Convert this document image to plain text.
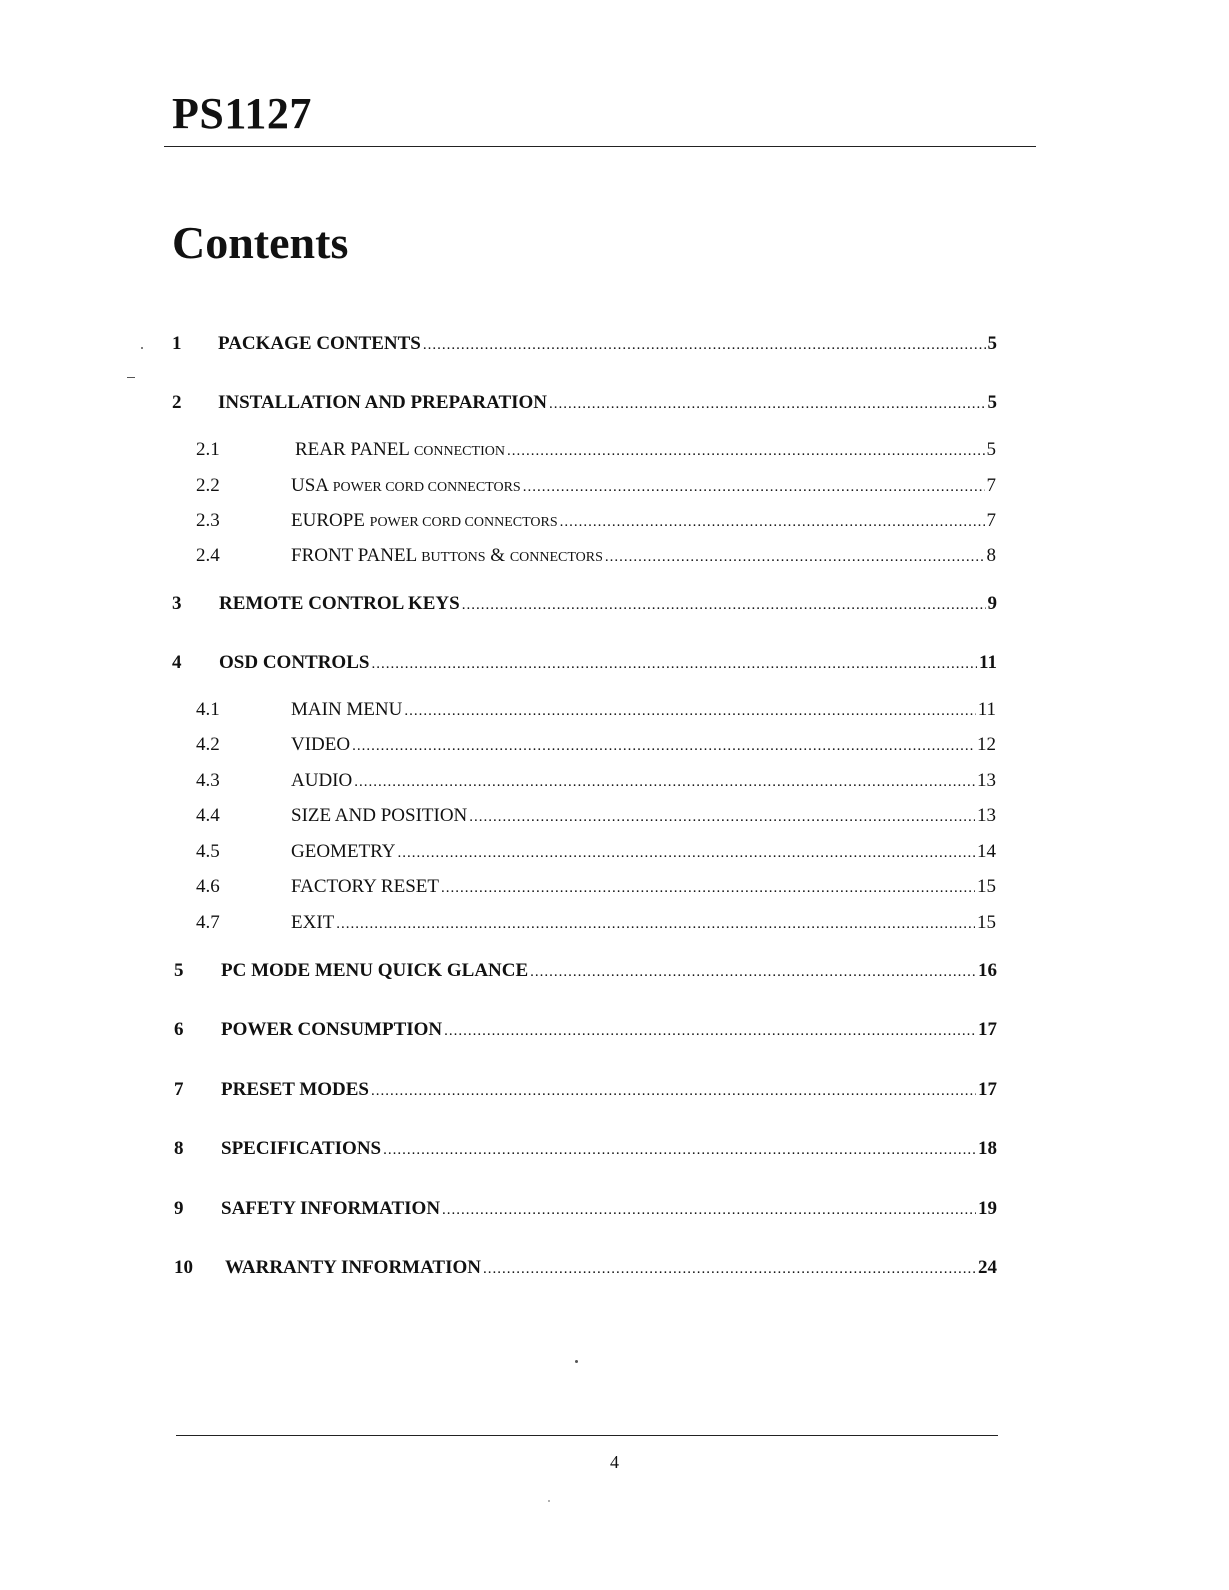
PS1127
Contents
1	PACKAGE CONTENTS .....	5
2	INSTALLATION AND PREPARATION .....	5
2.1	REAR PANEL CONNECTION .....	5
2.2	USA POWER CORD CONNECTORS .....	7
2.3	EUROPE POWER CORD CONNECTORS .....	7
2.4	FRONT PANEL BUTTONS & CONNECTORS .....	8
3	REMOTE CONTROL KEYS .....	9
4	OSD CONTROLS .....	11
4.1	MAIN MENU .....	11
4.2	VIDEO .....	12
4.3	AUDIO .....	13
4.4	SIZE AND POSITION .....	13
4.5	GEOMETRY .....	14
4.6	FACTORY RESET .....	15
4.7	EXIT .....	15
5	PC MODE MENU QUICK GLANCE .....	16
6	POWER CONSUMPTION .....	17
7	PRESET MODES .....	17
8	SPECIFICATIONS .....	18
9	SAFETY INFORMATION .....	19
10	WARRANTY INFORMATION .....	24
4
